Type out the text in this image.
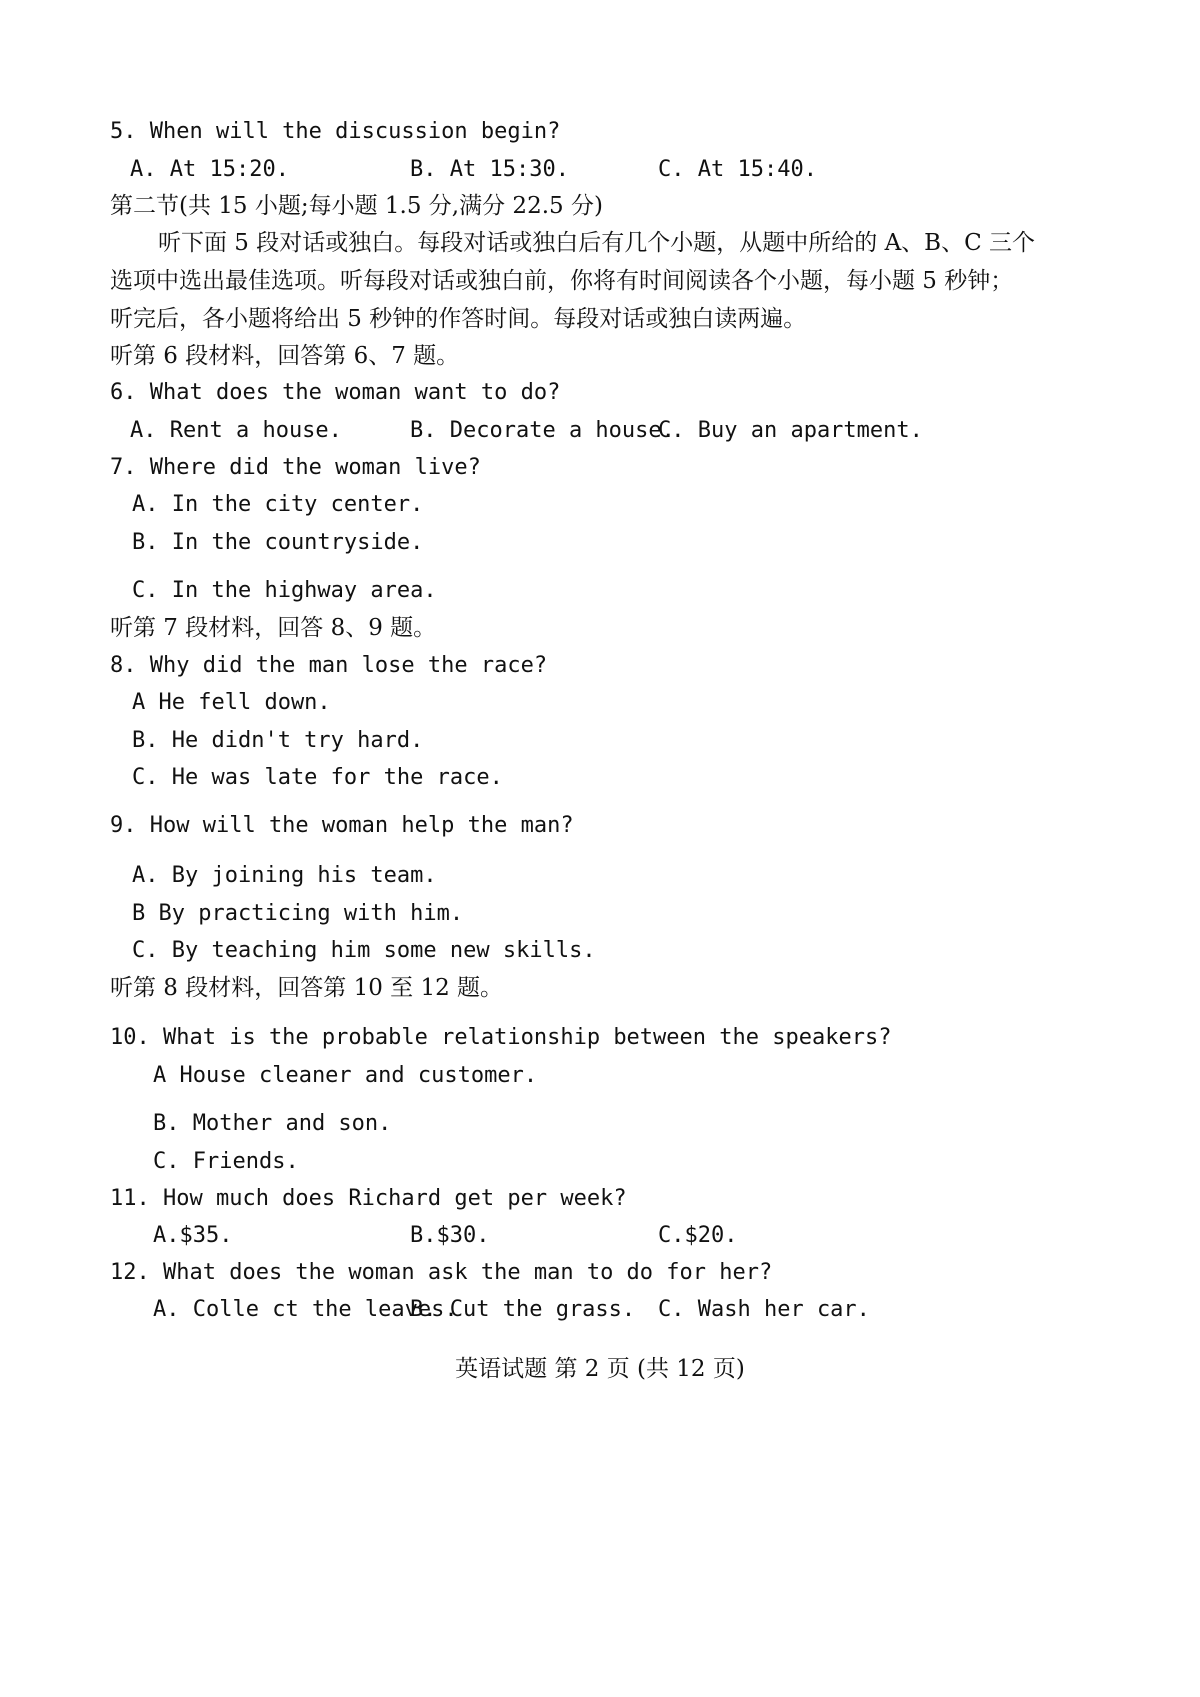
5. When will the discussion begin?
A. At 15:20.	B. At 15:30.	C. At 15:40.
第二节(共 15 小题;每小题 1.5 分,满分 22.5 分)
听下面 5 段对话或独白。每段对话或独白后有几个小题，从题中所给的 A、B、C 三个
选项中选出最佳选项。听每段对话或独白前，你将有时间阅读各个小题，每小题 5 秒钟；
听完后，各小题将给出 5 秒钟的作答时间。每段对话或独白读两遍。
听第 6 段材料，回答第 6、7 题。
6. What does the woman want to do?
A. Rent a house.	B. Decorate a house.
C. Buy an apartment.
7. Where did the woman live?
A. In the city center.
B. In the countryside.
C. In the highway area.
听第 7 段材料，回答 8、9 题。
8. Why did the man lose the race?
A He fell down.
B. He didn't try hard.
C. He was late for the race.
9. How will the woman help the man?
A. By joining his team.
B By practicing with him.
C. By teaching him some new skills.
听第 8 段材料，回答第 10 至 12 题。
10. What is the probable relationship between the speakers?
A House cleaner and customer.
B. Mother and son.
C. Friends.
11. How much does Richard get per week?
A.$35.	B.$30.	C.$20.
12. What does the woman ask the man to do for her?
A. Colle ct the leaves.
B. Cut the grass. C. Wash her car.
英语试题 第 2 页 (共 12 页)
